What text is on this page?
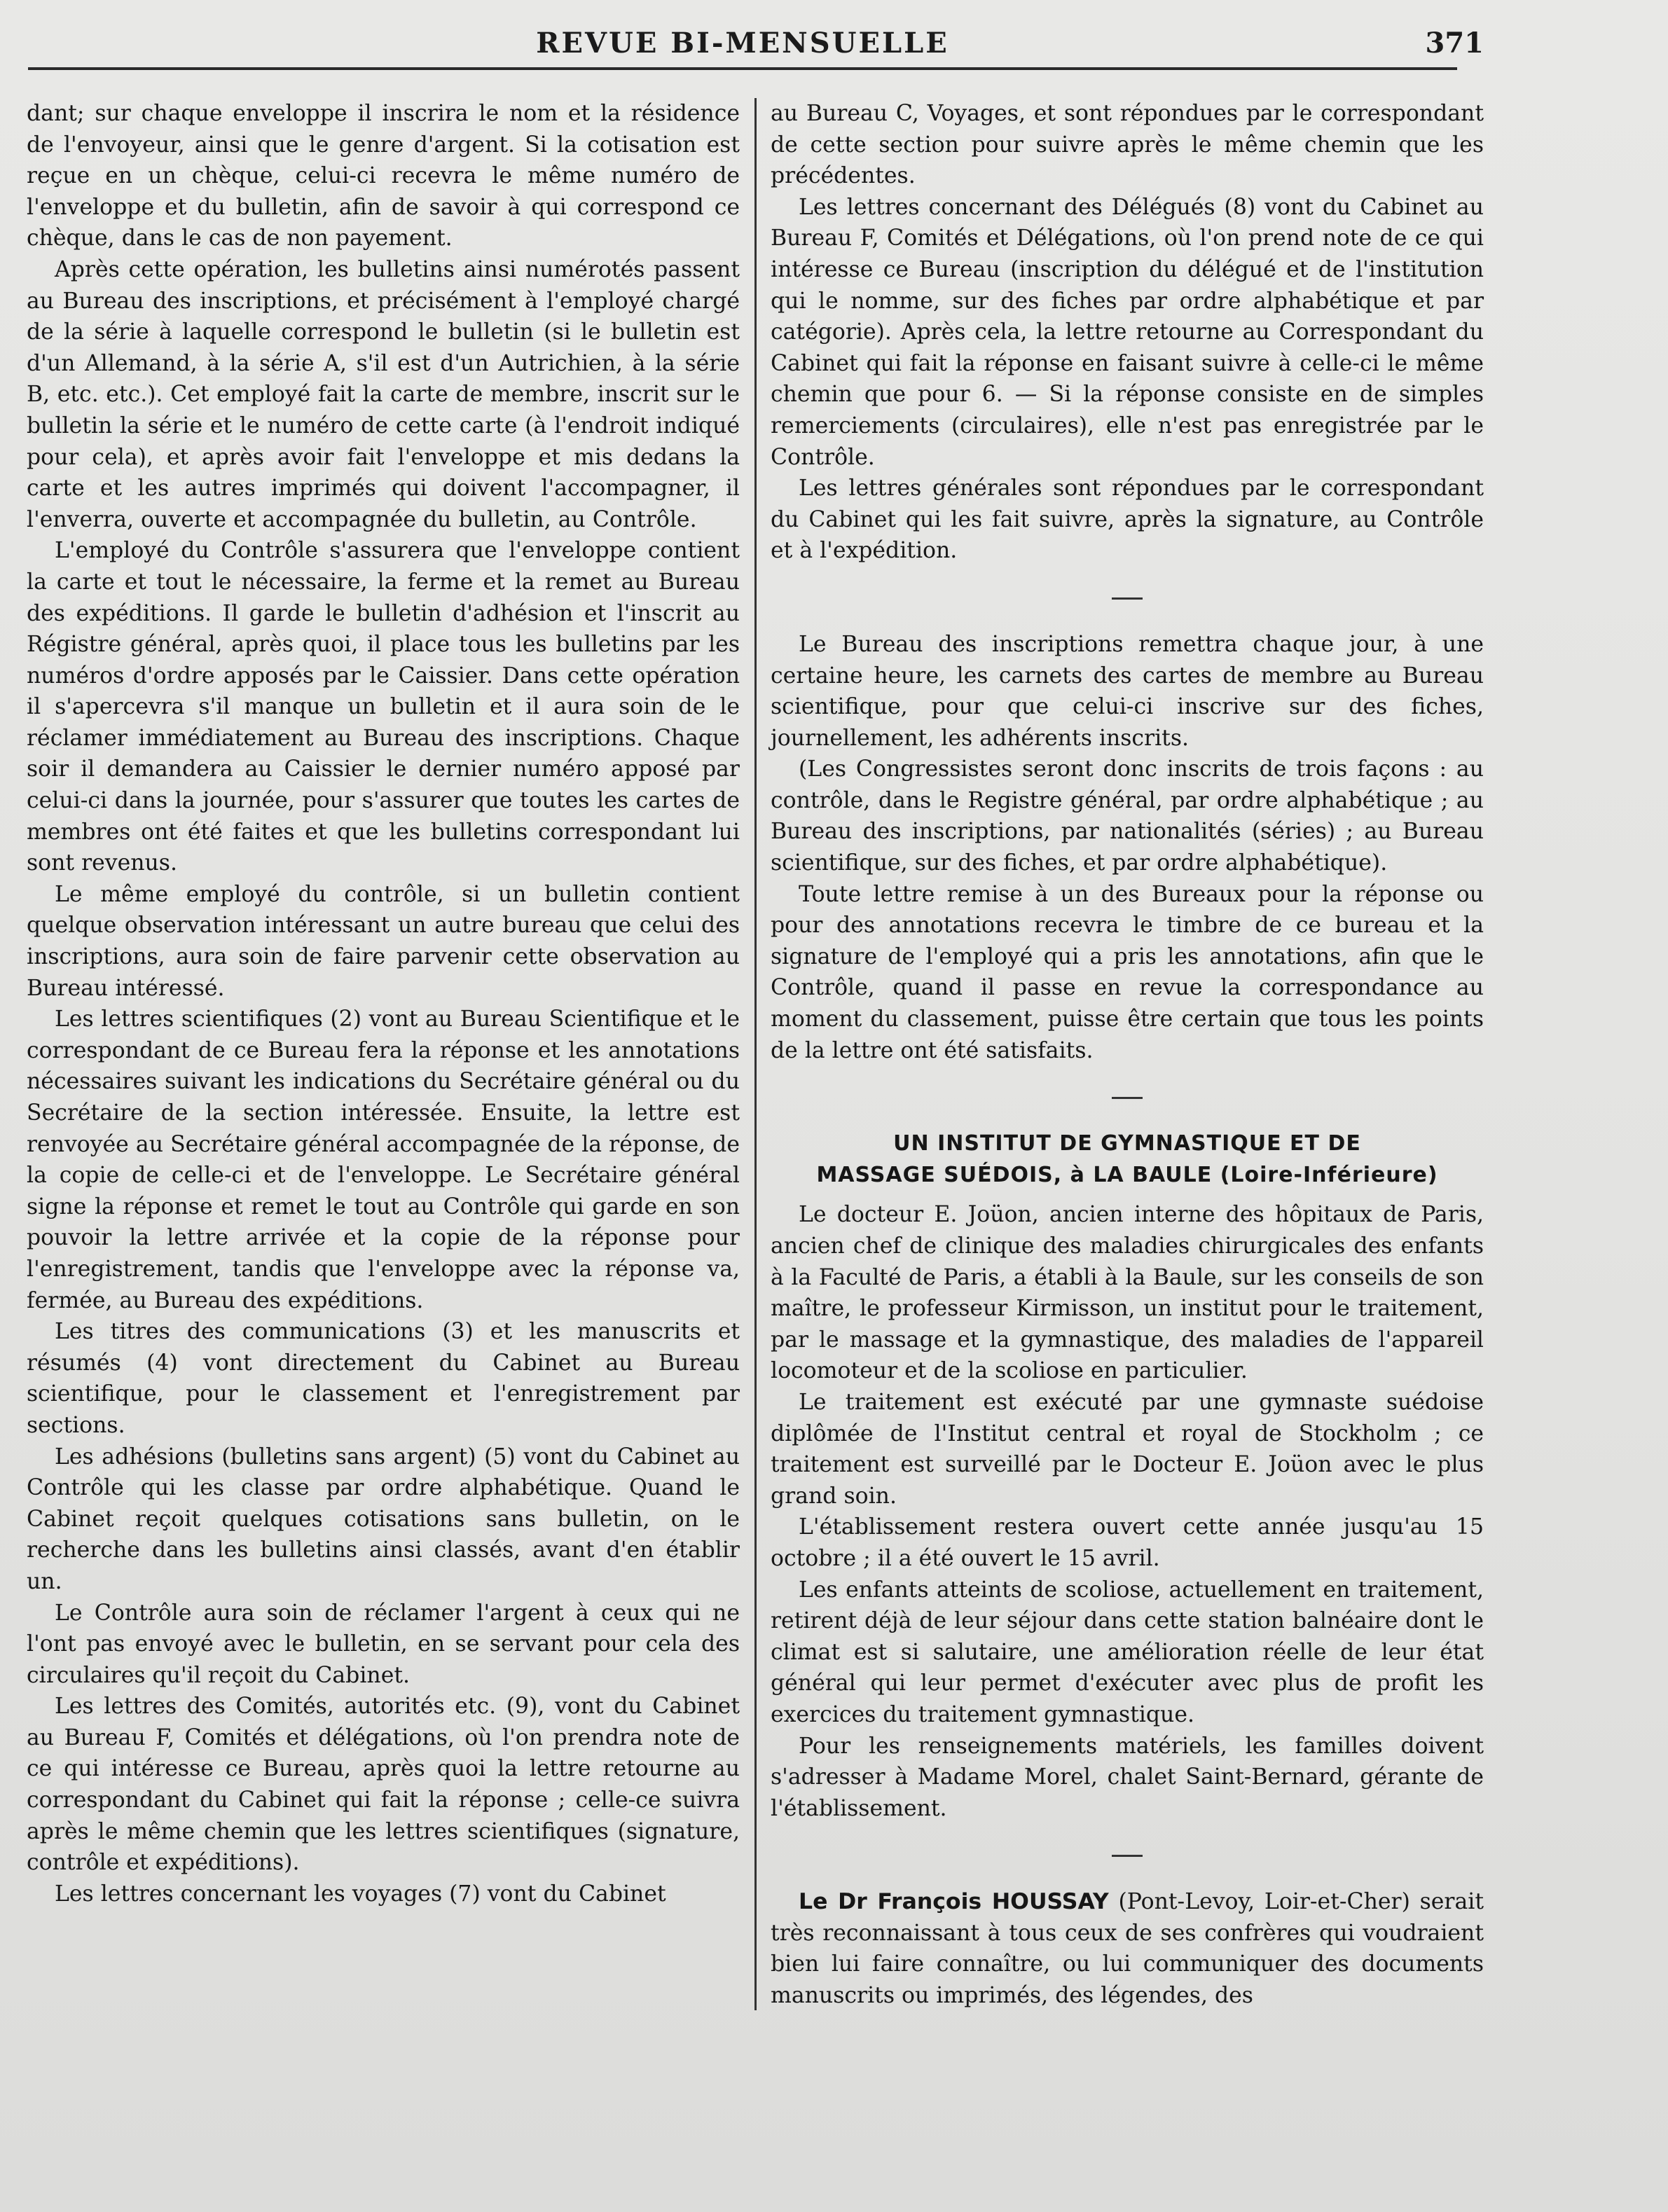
REVUE BI-MENSUELLE	371

dant; sur chaque enveloppe il inscrira le nom et la résidence de l'envoyeur, ainsi que le genre d'argent. Si la cotisation est reçue en un chèque, celui-ci recevra le même numéro de l'enveloppe et du bulletin, afin de savoir à qui correspond ce chèque, dans le cas de non payement.

Après cette opération, les bulletins ainsi numérotés passent au Bureau des inscriptions, et précisément à l'employé chargé de la série à laquelle correspond le bulletin (si le bulletin est d'un Allemand, à la série A, s'il est d'un Autrichien, à la série B, etc. etc.). Cet employé fait la carte de membre, inscrit sur le bulletin la série et le numéro de cette carte (à l'endroit indiqué pour cela), et après avoir fait l'enveloppe et mis dedans la carte et les autres imprimés qui doivent l'accompagner, il l'enverra, ouverte et accompagnée du bulletin, au Contrôle.

L'employé du Contrôle s'assurera que l'enveloppe contient la carte et tout le nécessaire, la ferme et la remet au Bureau des expéditions. Il garde le bulletin d'adhésion et l'inscrit au Régistre général, après quoi, il place tous les bulletins par les numéros d'ordre apposés par le Caissier. Dans cette opération il s'apercevra s'il manque un bulletin et il aura soin de le réclamer immédiatement au Bureau des inscriptions. Chaque soir il demandera au Caissier le dernier numéro apposé par celui-ci dans la journée, pour s'assurer que toutes les cartes de membres ont été faites et que les bulletins correspondant lui sont revenus.

Le même employé du contrôle, si un bulletin contient quelque observation intéressant un autre bureau que celui des inscriptions, aura soin de faire parvenir cette observation au Bureau intéressé.

Les lettres scientifiques (2) vont au Bureau Scientifique et le correspondant de ce Bureau fera la réponse et les annotations nécessaires suivant les indications du Secrétaire général ou du Secrétaire de la section intéressée. Ensuite, la lettre est renvoyée au Secrétaire général accompagnée de la réponse, de la copie de celle-ci et de l'enveloppe. Le Secrétaire général signe la réponse et remet le tout au Contrôle qui garde en son pouvoir la lettre arrivée et la copie de la réponse pour l'enregistrement, tandis que l'enveloppe avec la réponse va, fermée, au Bureau des expéditions.

Les titres des communications (3) et les manuscrits et résumés (4) vont directement du Cabinet au Bureau scientifique, pour le classement et l'enregistrement par sections.

Les adhésions (bulletins sans argent) (5) vont du Cabinet au Contrôle qui les classe par ordre alphabétique. Quand le Cabinet reçoit quelques cotisations sans bulletin, on le recherche dans les bulletins ainsi classés, avant d'en établir un.

Le Contrôle aura soin de réclamer l'argent à ceux qui ne l'ont pas envoyé avec le bulletin, en se servant pour cela des circulaires qu'il reçoit du Cabinet.

Les lettres des Comités, autorités etc. (9), vont du Cabinet au Bureau F, Comités et délégations, où l'on prendra note de ce qui intéresse ce Bureau, après quoi la lettre retourne au correspondant du Cabinet qui fait la réponse ; celle-ce suivra après le même chemin que les lettres scientifiques (signature, contrôle et expéditions).

Les lettres concernant les voyages (7) vont du Cabinet

au Bureau C, Voyages, et sont répondues par le correspondant de cette section pour suivre après le même chemin que les précédentes.

Les lettres concernant des Délégués (8) vont du Cabinet au Bureau F, Comités et Délégations, où l'on prend note de ce qui intéresse ce Bureau (inscription du délégué et de l'institution qui le nomme, sur des fiches par ordre alphabétique et par catégorie). Après cela, la lettre retourne au Correspondant du Cabinet qui fait la réponse en faisant suivre à celle-ci le même chemin que pour 6. — Si la réponse consiste en de simples remerciements (circulaires), elle n'est pas enregistrée par le Contrôle.

Les lettres générales sont répondues par le correspondant du Cabinet qui les fait suivre, après la signature, au Contrôle et à l'expédition.

Le Bureau des inscriptions remettra chaque jour, à une certaine heure, les carnets des cartes de membre au Bureau scientifique, pour que celui-ci inscrive sur des fiches, journellement, les adhérents inscrits.

(Les Congressistes seront donc inscrits de trois façons : au contrôle, dans le Registre général, par ordre alphabétique ; au Bureau des inscriptions, par nationalités (séries) ; au Bureau scientifique, sur des fiches, et par ordre alphabétique).

Toute lettre remise à un des Bureaux pour la réponse ou pour des annotations recevra le timbre de ce bureau et la signature de l'employé qui a pris les annotations, afin que le Contrôle, quand il passe en revue la correspondance au moment du classement, puisse être certain que tous les points de la lettre ont été satisfaits.

UN INSTITUT DE GYMNASTIQUE ET DE
MASSAGE SUÉDOIS, à LA BAULE (Loire-Inférieure)

Le docteur E. Joüon, ancien interne des hôpitaux de Paris, ancien chef de clinique des maladies chirurgicales des enfants à la Faculté de Paris, a établi à la Baule, sur les conseils de son maître, le professeur Kirmisson, un institut pour le traitement, par le massage et la gymnastique, des maladies de l'appareil locomoteur et de la scoliose en particulier.

Le traitement est exécuté par une gymnaste suédoise diplômée de l'Institut central et royal de Stockholm ; ce traitement est surveillé par le Docteur E. Joüon avec le plus grand soin.

L'établissement restera ouvert cette année jusqu'au 15 octobre ; il a été ouvert le 15 avril.

Les enfants atteints de scoliose, actuellement en traitement, retirent déjà de leur séjour dans cette station balnéaire dont le climat est si salutaire, une amélioration réelle de leur état général qui leur permet d'exécuter avec plus de profit les exercices du traitement gymnastique.

Pour les renseignements matériels, les familles doivent s'adresser à Madame Morel, chalet Saint-Bernard, gérante de l'établissement.

Le Dr François HOUSSAY (Pont-Levoy, Loir-et-Cher) serait très reconnaissant à tous ceux de ses confrères qui voudraient bien lui faire connaître, ou lui communiquer des documents manuscrits ou imprimés, des légendes, des
